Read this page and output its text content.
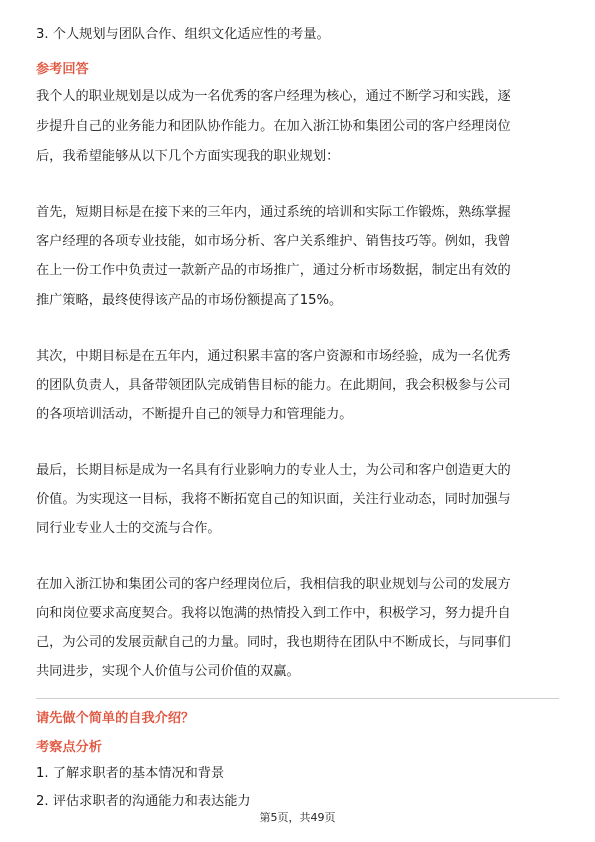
3. 个人规划与团队合作、组织文化适应性的考量。
参考回答
我个人的职业规划是以成为一名优秀的客户经理为核心，通过不断学习和实践，逐
步提升自己的业务能力和团队协作能力。在加入浙江协和集团公司的客户经理岗位
后，我希望能够从以下几个方面实现我的职业规划：
首先，短期目标是在接下来的三年内，通过系统的培训和实际工作锻炼，熟练掌握
客户经理的各项专业技能，如市场分析、客户关系维护、销售技巧等。例如，我曾
在上一份工作中负责过一款新产品的市场推广，通过分析市场数据，制定出有效的
推广策略，最终使得该产品的市场份额提高了15%。
其次，中期目标是在五年内，通过积累丰富的客户资源和市场经验，成为一名优秀
的团队负责人，具备带领团队完成销售目标的能力。在此期间，我会积极参与公司
的各项培训活动，不断提升自己的领导力和管理能力。
最后，长期目标是成为一名具有行业影响力的专业人士，为公司和客户创造更大的
价值。为实现这一目标，我将不断拓宽自己的知识面，关注行业动态，同时加强与
同行业专业人士的交流与合作。
在加入浙江协和集团公司的客户经理岗位后，我相信我的职业规划与公司的发展方
向和岗位要求高度契合。我将以饱满的热情投入到工作中，积极学习，努力提升自
己，为公司的发展贡献自己的力量。同时，我也期待在团队中不断成长，与同事们
共同进步，实现个人价值与公司价值的双赢。
请先做个简单的自我介绍？
考察点分析
1. 了解求职者的基本情况和背景
2. 评估求职者的沟通能力和表达能力
第5页，共49页
